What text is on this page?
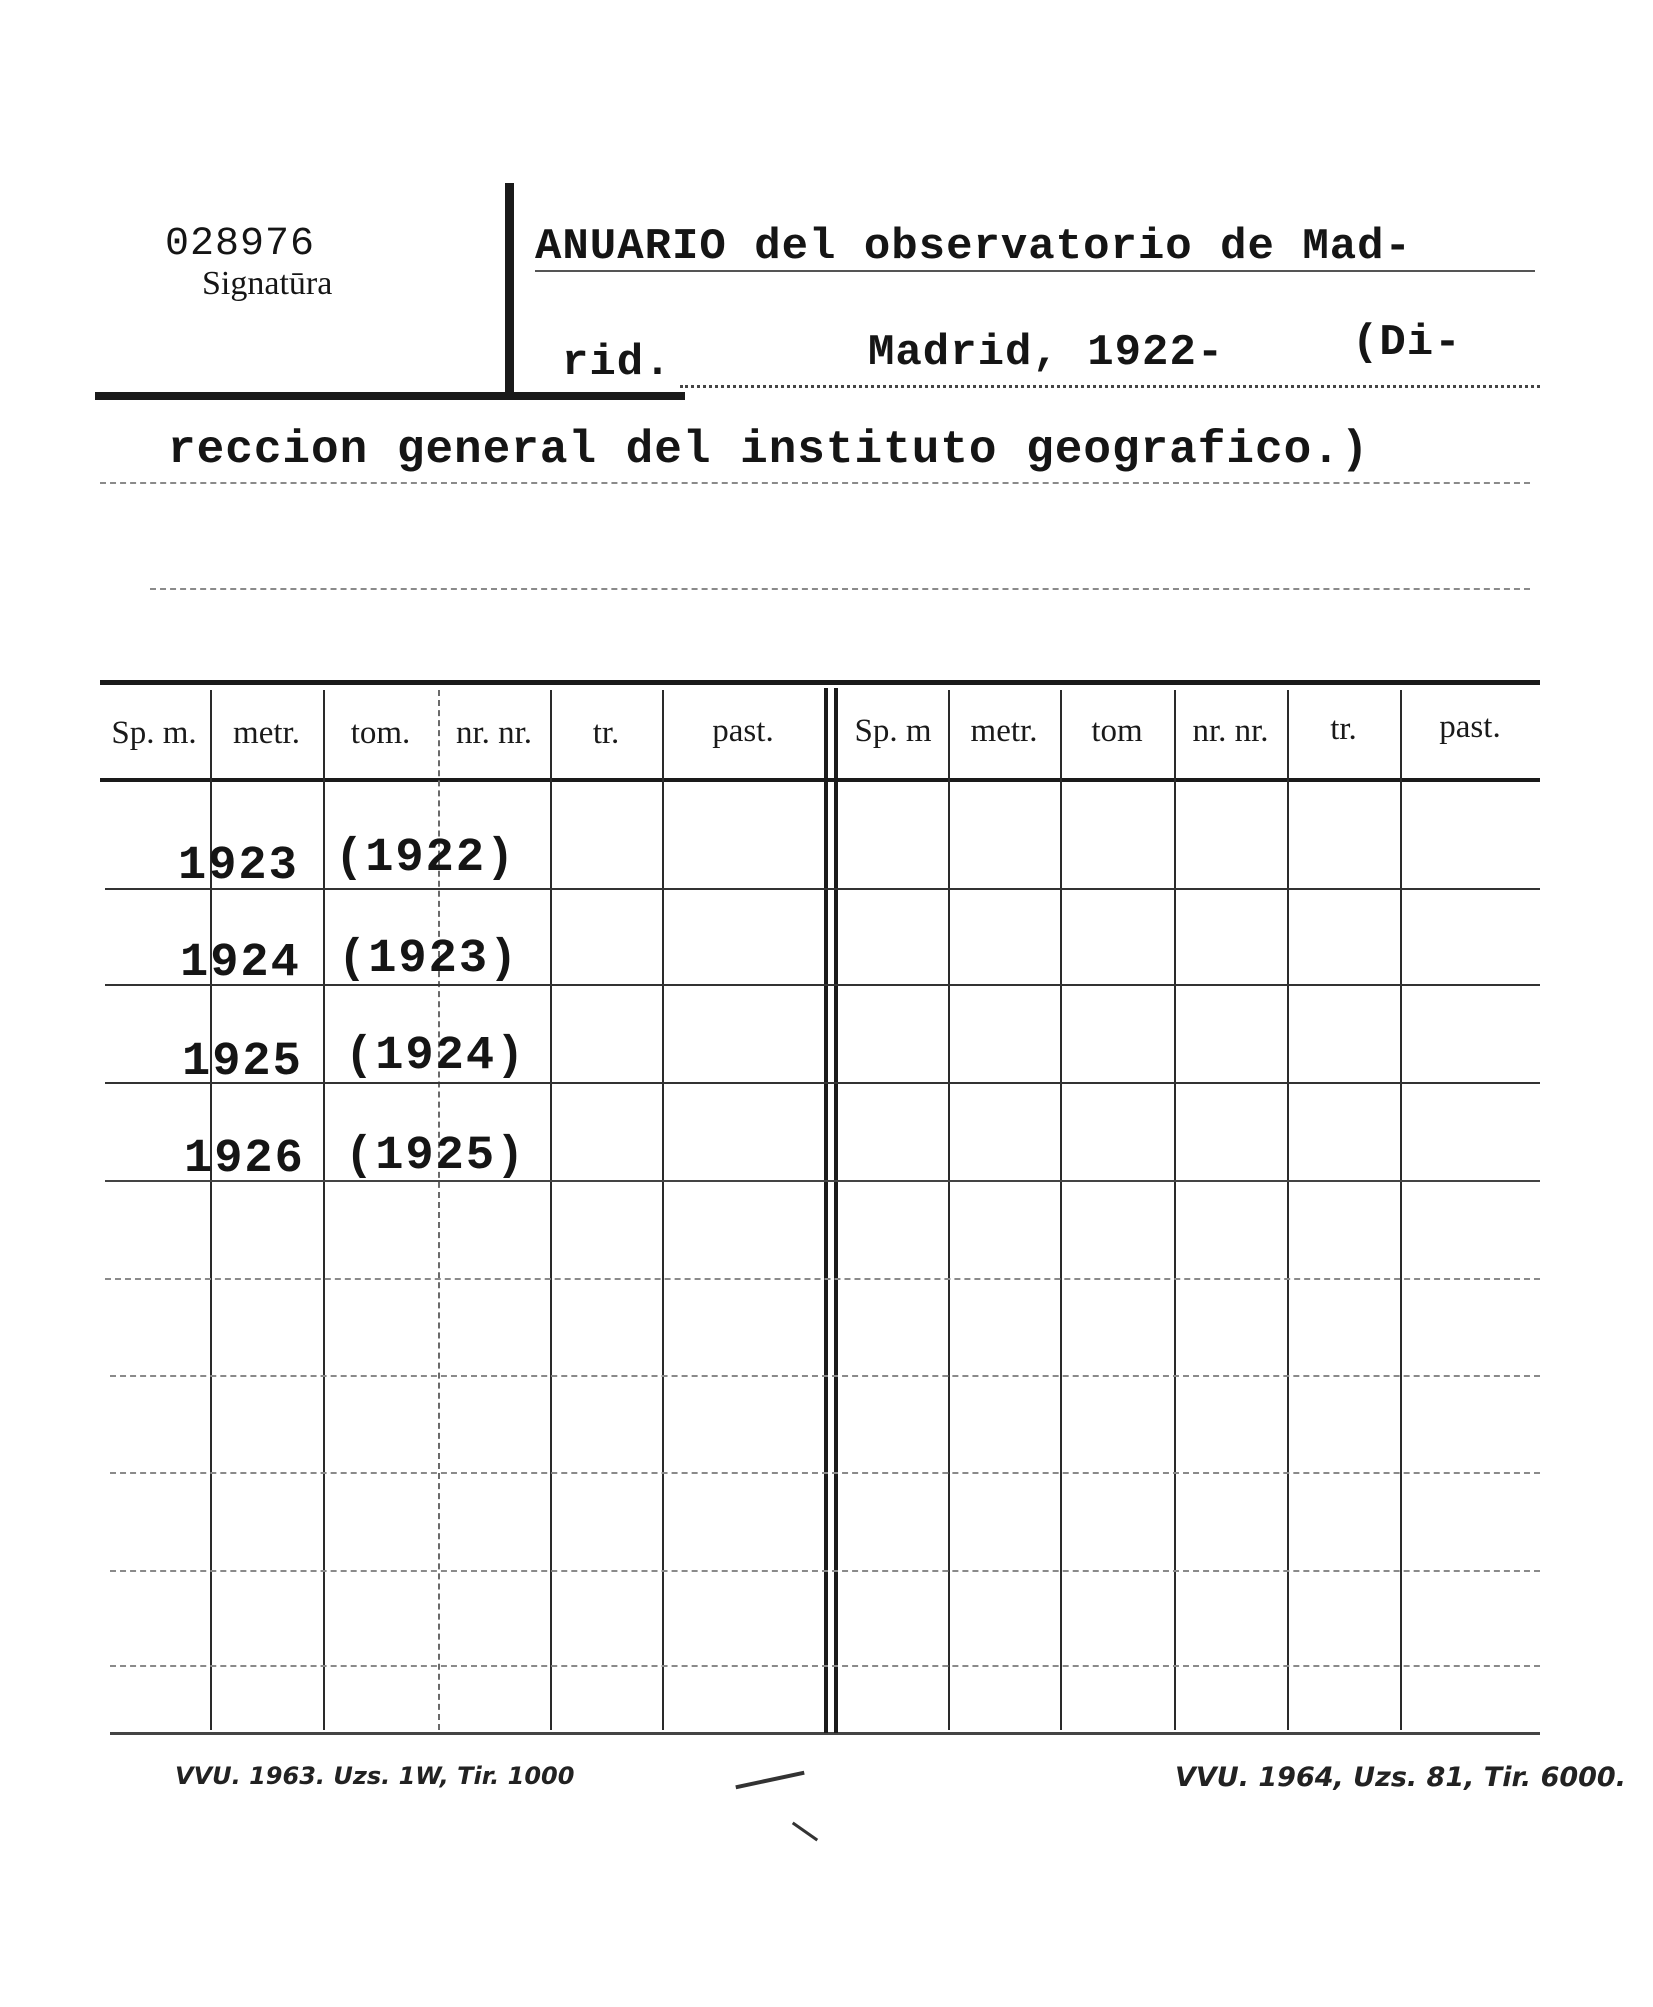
028976
Signatūra
ANUARIO del observatorio de Mad-
rid.	Madrid, 1922-	(Di-
reccion general del instituto geografico.)
Sp. m.	metr.	tom.	nr. nr.	tr.	past.	Sp. m	metr.	tom	nr. nr.	tr.	past.
1923 (1922)
1924 (1923)
1925 (1924)
1926 (1925)
VVU. 1963. Uzs. 1W, Tir. 1000	VVU. 1964, Uzs. 81, Tir. 6000.
